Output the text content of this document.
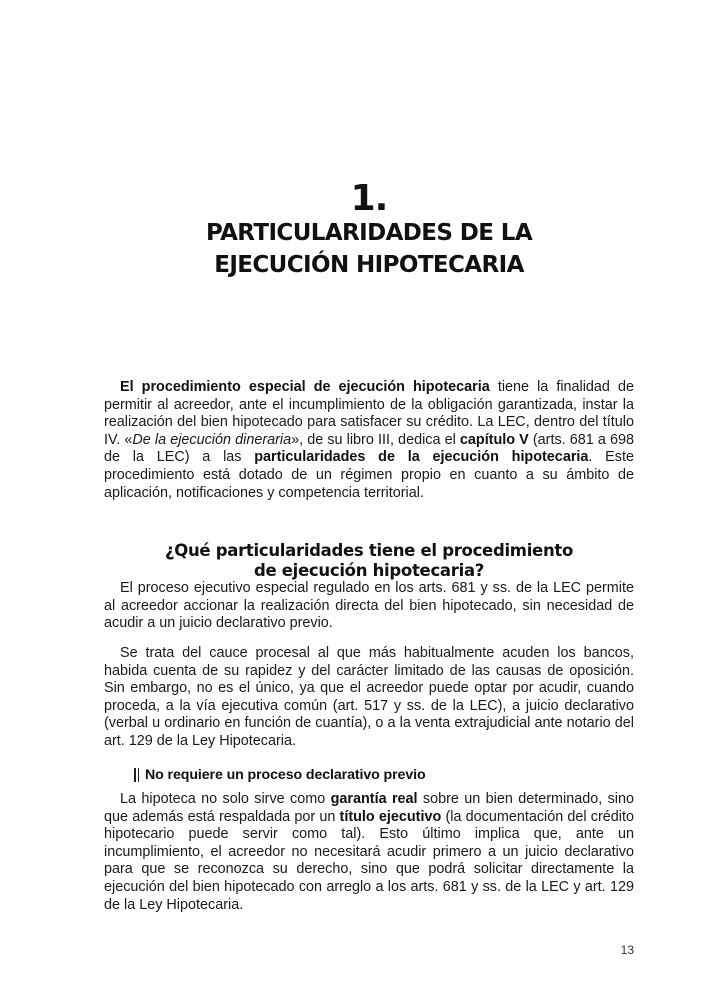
1.
PARTICULARIDADES DE LA
EJECUCIÓN HIPOTECARIA

El procedimiento especial de ejecución hipotecaria tiene la finalidad de permitir al acreedor, ante el incumplimiento de la obligación garantizada, instar la realización del bien hipotecado para satisfacer su crédito. La LEC, dentro del título IV. «De la ejecución dineraria», de su libro III, dedica el capítulo V (arts. 681 a 698 de la LEC) a las particularidades de la ejecución hipotecaria. Este procedimiento está dotado de un régimen propio en cuanto a su ámbito de aplicación, notificaciones y competencia territorial.

¿Qué particularidades tiene el procedimiento
de ejecución hipotecaria?

El proceso ejecutivo especial regulado en los arts. 681 y ss. de la LEC permite al acreedor accionar la realización directa del bien hipotecado, sin necesidad de acudir a un juicio declarativo previo.

Se trata del cauce procesal al que más habitualmente acuden los bancos, habida cuenta de su rapidez y del carácter limitado de las causas de oposición. Sin embargo, no es el único, ya que el acreedor puede optar por acudir, cuando proceda, a la vía ejecutiva común (art. 517 y ss. de la LEC), a juicio declarativo (verbal u ordinario en función de cuantía), o a la venta extrajudicial ante notario del art. 129 de la Ley Hipotecaria.

No requiere un proceso declarativo previo

La hipoteca no solo sirve como garantía real sobre un bien determinado, sino que además está respaldada por un título ejecutivo (la documentación del crédito hipotecario puede servir como tal). Esto último implica que, ante un incumplimiento, el acreedor no necesitará acudir primero a un juicio declarativo para que se reconozca su derecho, sino que podrá solicitar directamente la ejecución del bien hipotecado con arreglo a los arts. 681 y ss. de la LEC y art. 129 de la Ley Hipotecaria.

13
